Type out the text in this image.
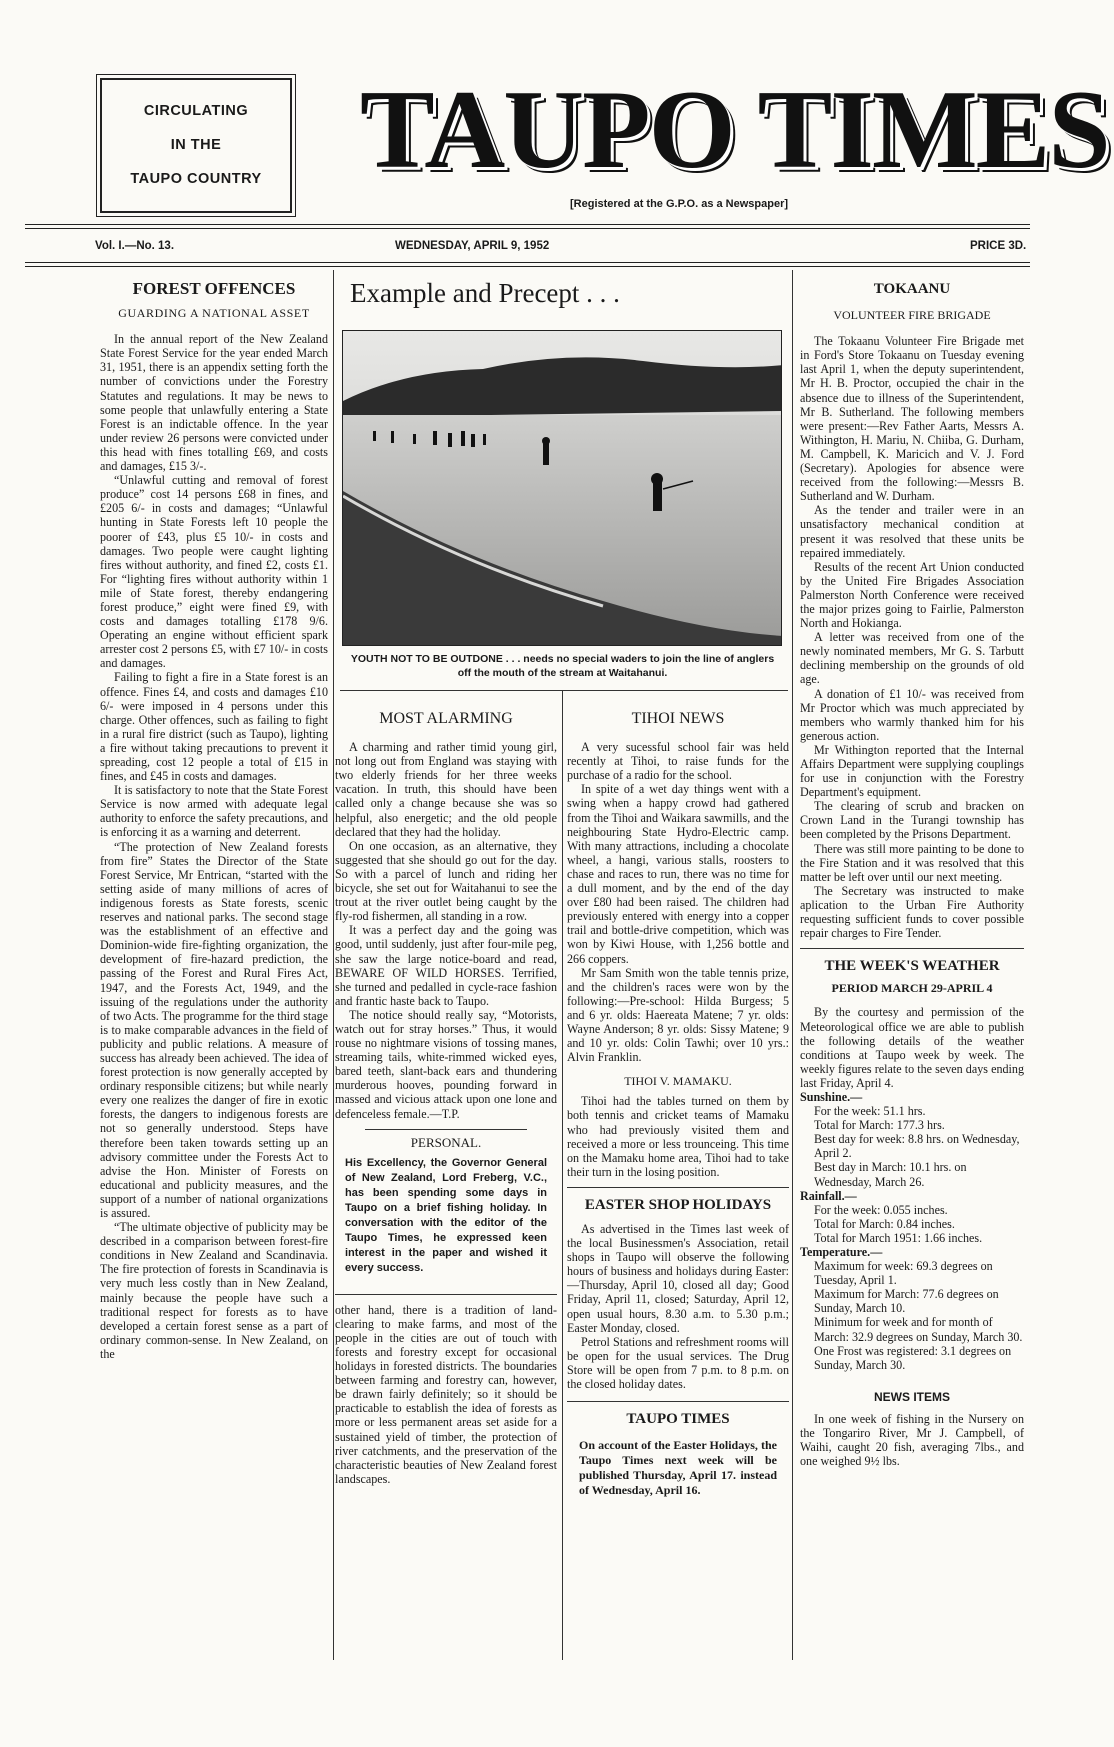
CIRCULATING
IN THE
TAUPO COUNTRY TAUPO TIMES
[Registered at the G.P.O. as a Newspaper]
Vol. I.—No. 13.	WEDNESDAY, APRIL 9, 1952	PRICE 3D.
FOREST OFFENCES
GUARDING A NATIONAL ASSET

In the annual report of the New Zealand State Forest Service for the year ended March 31, 1951, there is an appendix setting forth the number of convictions under the Forestry Statutes and regulations. It may be news to some people that unlawfully entering a State Forest is an indictable offence. In the year under review 26 persons were convicted under this head with fines totalling £69, and costs and damages, £15 3/-.

“Unlawful cutting and removal of forest produce” cost 14 persons £68 in fines, and £205 6/- in costs and damages; “Unlawful hunting in State Forests left 10 people the poorer of £43, plus £5 10/- in costs and damages. Two people were caught lighting fires without authority, and fined £2, costs £1. For “lighting fires without authority within 1 mile of State forest, thereby endangering forest produce,” eight were fined £9, with costs and damages totalling £178 9/6. Operating an engine without efficient spark arrester cost 2 persons £5, with £7 10/- in costs and damages.

Failing to fight a fire in a State forest is an offence. Fines £4, and costs and damages £10 6/- were imposed in 4 persons under this charge. Other offences, such as failing to fight in a rural fire district (such as Taupo), lighting a fire without taking precautions to prevent it spreading, cost 12 people a total of £15 in fines, and £45 in costs and damages.

It is satisfactory to note that the State Forest Service is now armed with adequate legal authority to enforce the safety precautions, and is enforcing it as a warning and deterrent.

“The protection of New Zealand forests from fire” States the Director of the State Forest Service, Mr Entrican, “started with the setting aside of many millions of acres of indigenous forests as State forests, scenic reserves and national parks. The second stage was the establishment of an effective and Dominion-wide fire-fighting organization, the development of fire-hazard prediction, the passing of the Forest and Rural Fires Act, 1947, and the Forests Act, 1949, and the issuing of the regulations under the authority of two Acts. The programme for the third stage is to make comparable advances in the field of publicity and public relations. A measure of success has already been achieved. The idea of forest protection is now generally accepted by ordinary responsible citizens; but while nearly every one realizes the danger of fire in exotic forests, the dangers to indigenous forests are not so generally understood. Steps have therefore been taken towards setting up an advisory committee under the Forests Act to advise the Hon. Minister of Forests on educational and publicity measures, and the support of a number of national organizations is assured.

“The ultimate objective of publicity may be described in a comparison between forest-fire conditions in New Zealand and Scandinavia. The fire protection of forests in Scandinavia is very much less costly than in New Zealand, mainly because the people have such a traditional respect for forests as to have developed a certain forest sense as a part of ordinary common-sense. In New Zealand, on the

Example and Precept . . .
YOUTH NOT TO BE OUTDONE . . . needs no special waders to join the line of anglers off the mouth of the stream at Waitahanui.
MOST ALARMING

A charming and rather timid young girl, not long out from England was staying with two elderly friends for her three weeks vacation. In truth, this should have been called only a change because she was so helpful, also energetic; and the old people declared that they had the holiday.

On one occasion, as an alternative, they suggested that she should go out for the day. So with a parcel of lunch and riding her bicycle, she set out for Waitahanui to see the trout at the river outlet being caught by the fly-rod fishermen, all standing in a row.

It was a perfect day and the going was good, until suddenly, just after four-mile peg, she saw the large notice-board and read, BEWARE OF WILD HORSES. Terrified, she turned and pedalled in cycle-race fashion and frantic haste back to Taupo.

The notice should really say, “Motorists, watch out for stray horses.” Thus, it would rouse no nightmare visions of tossing manes, streaming tails, white-rimmed wicked eyes, bared teeth, slant-back ears and thundering murderous hooves, pounding forward in massed and vicious attack upon one lone and defenceless female.—T.P.

PERSONAL.
His Excellency, the Governor General of New Zealand, Lord Freberg, V.C., has been spending some days in Taupo on a brief fishing holiday. In conversation with the editor of the Taupo Times, he expressed keen interest in the paper and wished it every success.
other hand, there is a tradition of land-clearing to make farms, and most of the people in the cities are out of touch with forests and forestry except for occasional holidays in forested districts. The boundaries between farming and forestry can, however, be drawn fairly definitely; so it should be practicable to establish the idea of forests as more or less permanent areas set aside for a sustained yield of timber, the protection of river catchments, and the preservation of the characteristic beauties of New Zealand forest landscapes.
TIHOI NEWS

A very sucessful school fair was held recently at Tihoi, to raise funds for the purchase of a radio for the school.

In spite of a wet day things went with a swing when a happy crowd had gathered from the Tihoi and Waikara sawmills, and the neighbouring State Hydro-Electric camp. With many attractions, including a chocolate wheel, a hangi, various stalls, roosters to chase and races to run, there was no time for a dull moment, and by the end of the day over £80 had been raised. The children had previously entered with energy into a copper trail and bottle-drive competition, which was won by Kiwi House, with 1,256 bottle and 266 coppers.

Mr Sam Smith won the table tennis prize, and the children's races were won by the following:—Pre-school: Hilda Burgess; 5 and 6 yr. olds: Haereata Matene; 7 yr. olds: Wayne Anderson; 8 yr. olds: Sissy Matene; 9 and 10 yr. olds: Colin Tawhi; over 10 yrs.: Alvin Franklin.

TIHOI V. MAMAKU.

Tihoi had the tables turned on them by both tennis and cricket teams of Mamaku who had previously visited them and received a more or less trounceing. This time on the Mamaku home area, Tihoi had to take their turn in the losing position.

EASTER SHOP HOLIDAYS

As advertised in the Times last week of the local Businessmen's Association, retail shops in Taupo will observe the following hours of business and holidays during Easter:—Thursday, April 10, closed all day; Good Friday, April 11, closed; Saturday, April 12, open usual hours, 8.30 a.m. to 5.30 p.m.; Easter Monday, closed.

Petrol Stations and refreshment rooms will be open for the usual services. The Drug Store will be open from 7 p.m. to 8 p.m. on the closed holiday dates.

TAUPO TIMES
On account of the Easter Holidays, the Taupo Times next week will be published Thursday, April 17. instead of Wednesday, April 16.
TOKAANU
VOLUNTEER FIRE BRIGADE

The Tokaanu Volunteer Fire Brigade met in Ford's Store Tokaanu on Tuesday evening last April 1, when the deputy superintendent, Mr H. B. Proctor, occupied the chair in the absence due to illness of the Superintendent, Mr B. Sutherland. The following members were present:—Rev Father Aarts, Messrs A. Withington, H. Mariu, N. Chiiba, G. Durham, M. Campbell, K. Maricich and V. J. Ford (Secretary). Apologies for absence were received from the following:—Messrs B. Sutherland and W. Durham.

As the tender and trailer were in an unsatisfactory mechanical condition at present it was resolved that these units be repaired immediately.

Results of the recent Art Union conducted by the United Fire Brigades Association Palmerston North Conference were received the major prizes going to Fairlie, Palmerston North and Hokianga.

A letter was received from one of the newly nominated members, Mr G. S. Tarbutt declining membership on the grounds of old age.

A donation of £1 10/- was received from Mr Proctor which was much appreciated by members who warmly thanked him for his generous action.

Mr Withington reported that the Internal Affairs Department were supplying couplings for use in conjunction with the Forestry Department's equipment.

The clearing of scrub and bracken on Crown Land in the Turangi township has been completed by the Prisons Department.

There was still more painting to be done to the Fire Station and it was resolved that this matter be left over until our next meeting.

The Secretary was instructed to make aplication to the Urban Fire Authority requesting sufficient funds to cover possible repair charges to Fire Tender.

THE WEEK'S WEATHER
PERIOD MARCH 29-APRIL 4

By the courtesy and permission of the Meteorological office we are able to publish the following details of the weather conditions at Taupo week by week. The weekly figures relate to the seven days ending last Friday, April 4.

Sunshine.—
For the week: 51.1 hrs.
Total for March: 177.3 hrs.
Best day for week: 8.8 hrs. on Wednesday, April 2.
Best day in March: 10.1 hrs. on Wednesday, March 26.
Rainfall.—
For the week: 0.055 inches.
Total for March: 0.84 inches.
Total for March 1951: 1.66 inches.
Temperature.—
Maximum for week: 69.3 degrees on Tuesday, April 1.
Maximum for March: 77.6 degrees on Sunday, March 10.
Minimum for week and for month of March: 32.9 degrees on Sunday, March 30.
One Frost was registered: 3.1 degrees on Sunday, March 30.
NEWS ITEMS

In one week of fishing in the Nursery on the Tongariro River, Mr J. Campbell, of Waihi, caught 20 fish, averaging 7lbs., and one weighed 9½ lbs.
